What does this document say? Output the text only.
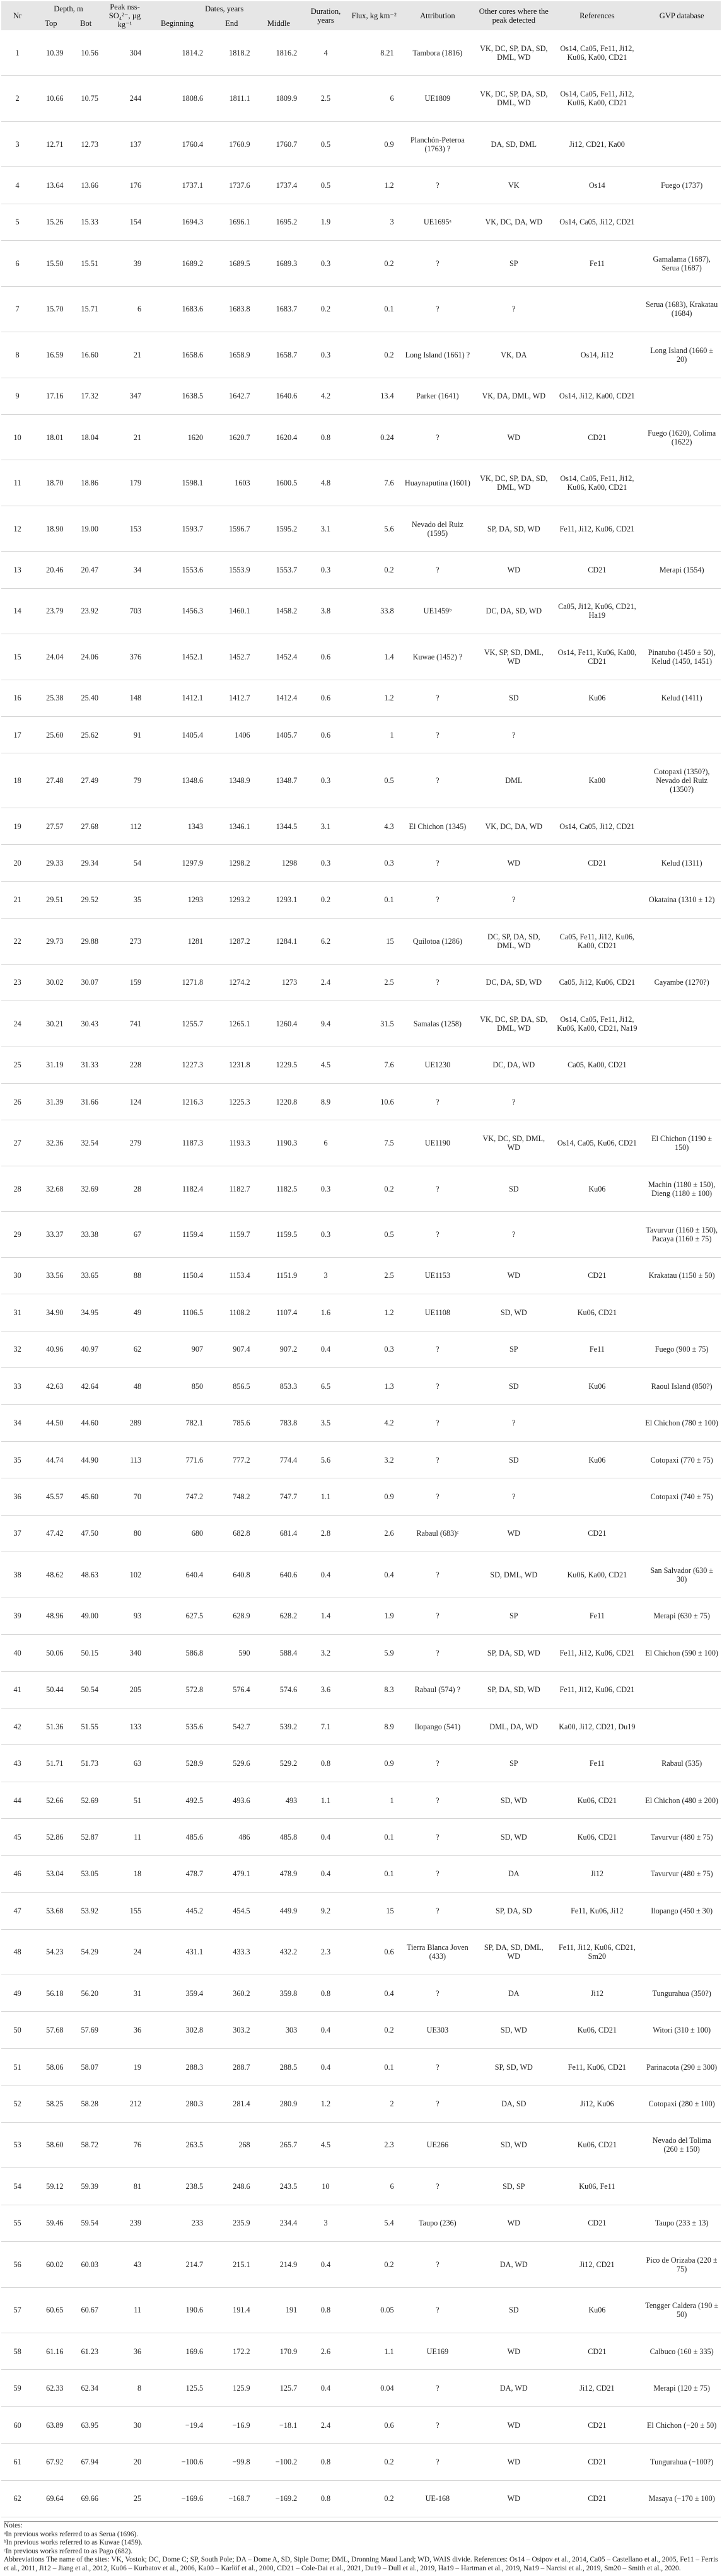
Nr	Depth, m		Peak nss-SO₄²⁻, µg kg⁻¹	Dates, years			Duration, years	Flux, kg km⁻²	Attribution	Other cores where the peak detected	References	GVP database
	Top	Bot		Beginning	End	Middle						
1	10.39	10.56	304	1814.2	1818.2	1816.2	4	8.21	Tambora (1816)	VK, DC, SP, DA, SD, DML, WD	Os14, Ca05, Fe11, Ji12, Ku06, Ka00, CD21	
2	10.66	10.75	244	1808.6	1811.1	1809.9	2.5	6	UE1809	VK, DC, SP, DA, SD, DML, WD	Os14, Ca05, Fe11, Ji12, Ku06, Ka00, CD21	
3	12.71	12.73	137	1760.4	1760.9	1760.7	0.5	0.9	Planchón-Peteroa (1763) ?	DA, SD, DML	Ji12, CD21, Ka00	
4	13.64	13.66	176	1737.1	1737.6	1737.4	0.5	1.2	?	VK	Os14	Fuego (1737)
5	15.26	15.33	154	1694.3	1696.1	1695.2	1.9	3	UE1695ᵃ	VK, DC, DA, WD	Os14, Ca05, Ji12, CD21	
6	15.50	15.51	39	1689.2	1689.5	1689.3	0.3	0.2	?	SP	Fe11	Gamalama (1687), Serua (1687)
7	15.70	15.71	6	1683.6	1683.8	1683.7	0.2	0.1	?	?		Serua (1683), Krakatau (1684)
8	16.59	16.60	21	1658.6	1658.9	1658.7	0.3	0.2	Long Island (1661) ?	VK, DA	Os14, Ji12	Long Island (1660 ± 20)
9	17.16	17.32	347	1638.5	1642.7	1640.6	4.2	13.4	Parker (1641)	VK, DA, DML, WD	Os14, Ji12, Ka00, CD21	
10	18.01	18.04	21	1620	1620.7	1620.4	0.8	0.24	?	WD	CD21	Fuego (1620), Colima (1622)
11	18.70	18.86	179	1598.1	1603	1600.5	4.8	7.6	Huaynaputina (1601)	VK, DC, SP, DA, SD, DML, WD	Os14, Ca05, Fe11, Ji12, Ku06, Ka00, CD21	
12	18.90	19.00	153	1593.7	1596.7	1595.2	3.1	5.6	Nevado del Ruiz (1595)	SP, DA, SD, WD	Fe11, Ji12, Ku06, CD21	
13	20.46	20.47	34	1553.6	1553.9	1553.7	0.3	0.2	?	WD	CD21	Merapi (1554)
14	23.79	23.92	703	1456.3	1460.1	1458.2	3.8	33.8	UE1459ᵇ	DC, DA, SD, WD	Ca05, Ji12, Ku06, CD21, Ha19	
15	24.04	24.06	376	1452.1	1452.7	1452.4	0.6	1.4	Kuwae (1452) ?	VK, SP, SD, DML, WD	Os14, Fe11, Ku06, Ka00, CD21	Pinatubo (1450 ± 50), Kelud (1450, 1451)
16	25.38	25.40	148	1412.1	1412.7	1412.4	0.6	1.2	?	SD	Ku06	Kelud (1411)
17	25.60	25.62	91	1405.4	1406	1405.7	0.6	1	?	?		
18	27.48	27.49	79	1348.6	1348.9	1348.7	0.3	0.5	?	DML	Ka00	Cotopaxi (1350?), Nevado del Ruiz (1350?)
19	27.57	27.68	112	1343	1346.1	1344.5	3.1	4.3	El Chichon (1345)	VK, DC, DA, WD	Os14, Ca05, Ji12, CD21	
20	29.33	29.34	54	1297.9	1298.2	1298	0.3	0.3	?	WD	CD21	Kelud (1311)
21	29.51	29.52	35	1293	1293.2	1293.1	0.2	0.1	?	?		Okataina (1310 ± 12)
22	29.73	29.88	273	1281	1287.2	1284.1	6.2	15	Quilotoa (1286)	DC, SP, DA, SD, DML, WD	Ca05, Fe11, Ji12, Ku06, Ka00, CD21	
23	30.02	30.07	159	1271.8	1274.2	1273	2.4	2.5	?	DC, DA, SD, WD	Ca05, Ji12, Ku06, CD21	Cayambe (1270?)
24	30.21	30.43	741	1255.7	1265.1	1260.4	9.4	31.5	Samalas (1258)	VK, DC, SP, DA, SD, DML, WD	Os14, Ca05, Fe11, Ji12, Ku06, Ka00, CD21, Na19	
25	31.19	31.33	228	1227.3	1231.8	1229.5	4.5	7.6	UE1230	DC, DA, WD	Ca05, Ka00, CD21	
26	31.39	31.66	124	1216.3	1225.3	1220.8	8.9	10.6	?	?		
27	32.36	32.54	279	1187.3	1193.3	1190.3	6	7.5	UE1190	VK, DC, SD, DML, WD	Os14, Ca05, Ku06, CD21	El Chichon (1190 ± 150)
28	32.68	32.69	28	1182.4	1182.7	1182.5	0.3	0.2	?	SD	Ku06	Machin (1180 ± 150), Dieng (1180 ± 100)
29	33.37	33.38	67	1159.4	1159.7	1159.5	0.3	0.5	?	?		Tavurvur (1160 ± 150), Pacaya (1160 ± 75)
30	33.56	33.65	88	1150.4	1153.4	1151.9	3	2.5	UE1153	WD	CD21	Krakatau (1150 ± 50)
31	34.90	34.95	49	1106.5	1108.2	1107.4	1.6	1.2	UE1108	SD, WD	Ku06, CD21	
32	40.96	40.97	62	907	907.4	907.2	0.4	0.3	?	SP	Fe11	Fuego (900 ± 75)
33	42.63	42.64	48	850	856.5	853.3	6.5	1.3	?	SD	Ku06	Raoul Island (850?)
34	44.50	44.60	289	782.1	785.6	783.8	3.5	4.2	?	?		El Chichon (780 ± 100)
35	44.74	44.90	113	771.6	777.2	774.4	5.6	3.2	?	SD	Ku06	Cotopaxi (770 ± 75)
36	45.57	45.60	70	747.2	748.2	747.7	1.1	0.9	?	?		Cotopaxi (740 ± 75)
37	47.42	47.50	80	680	682.8	681.4	2.8	2.6	Rabaul (683)ᶜ	WD	CD21	
38	48.62	48.63	102	640.4	640.8	640.6	0.4	0.4	?	SD, DML, WD	Ku06, Ka00, CD21	San Salvador (630 ± 30)
39	48.96	49.00	93	627.5	628.9	628.2	1.4	1.9	?	SP	Fe11	Merapi (630 ± 75)
40	50.06	50.15	340	586.8	590	588.4	3.2	5.9	?	SP, DA, SD, WD	Fe11, Ji12, Ku06, CD21	El Chichon (590 ± 100)
41	50.44	50.54	205	572.8	576.4	574.6	3.6	8.3	Rabaul (574) ?	SP, DA, SD, WD	Fe11, Ji12, Ku06, CD21	
42	51.36	51.55	133	535.6	542.7	539.2	7.1	8.9	Ilopango (541)	DML, DA, WD	Ka00, Ji12, CD21, Du19	
43	51.71	51.73	63	528.9	529.6	529.2	0.8	0.9	?	SP	Fe11	Rabaul (535)
44	52.66	52.69	51	492.5	493.6	493	1.1	1	?	SD, WD	Ku06, CD21	El Chichon (480 ± 200)
45	52.86	52.87	11	485.6	486	485.8	0.4	0.1	?	SD, WD	Ku06, CD21	Tavurvur (480 ± 75)
46	53.04	53.05	18	478.7	479.1	478.9	0.4	0.1	?	DA	Ji12	Tavurvur (480 ± 75)
47	53.68	53.92	155	445.2	454.5	449.9	9.2	15	?	SP, DA, SD	Fe11, Ku06, Ji12	Ilopango (450 ± 30)
48	54.23	54.29	24	431.1	433.3	432.2	2.3	0.6	Tierra Blanca Joven (433)	SP, DA, SD, DML, WD	Fe11, Ji12, Ku06, CD21, Sm20	
49	56.18	56.20	31	359.4	360.2	359.8	0.8	0.4	?	DA	Ji12	Tungurahua (350?)
50	57.68	57.69	36	302.8	303.2	303	0.4	0.2	UE303	SD, WD	Ku06, CD21	Witori (310 ± 100)
51	58.06	58.07	19	288.3	288.7	288.5	0.4	0.1	?	SP, SD, WD	Fe11, Ku06, CD21	Parinacota (290 ± 300)
52	58.25	58.28	212	280.3	281.4	280.9	1.2	2	?	DA, SD	Ji12, Ku06	Cotopaxi (280 ± 100)
53	58.60	58.72	76	263.5	268	265.7	4.5	2.3	UE266	SD, WD	Ku06, CD21	Nevado del Tolima (260 ± 150)
54	59.12	59.39	81	238.5	248.6	243.5	10	6	?	SD, SP	Ku06, Fe11	
55	59.46	59.54	239	233	235.9	234.4	3	5.4	Taupo (236)	WD	CD21	Taupo (233 ± 13)
56	60.02	60.03	43	214.7	215.1	214.9	0.4	0.2	?	DA, WD	Ji12, CD21	Pico de Orizaba (220 ± 75)
57	60.65	60.67	11	190.6	191.4	191	0.8	0.05	?	SD	Ku06	Tengger Caldera (190 ± 50)
58	61.16	61.23	36	169.6	172.2	170.9	2.6	1.1	UE169	WD	CD21	Calbuco (160 ± 335)
59	62.33	62.34	8	125.5	125.9	125.7	0.4	0.04	?	DA, WD	Ji12, CD21	Merapi (120 ± 75)
60	63.89	63.95	30	−19.4	−16.9	−18.1	2.4	0.6	?	WD	CD21	El Chichon (−20 ± 50)
61	67.92	67.94	20	−100.6	−99.8	−100.2	0.8	0.2	?	WD	CD21	Tungurahua (−100?)
62	69.64	69.66	25	−169.6	−168.7	−169.2	0.8	0.2	UE-168	WD	CD21	Masaya (−170 ± 100)
Notes:
ᵃIn previous works referred to as Serua (1696).
ᵇIn previous works referred to as Kuwae (1459).
ᶜIn previous works referred to as Pago (682).
Abbreviations The name of the sites: VK, Vostok; DC, Dome C; SP, South Pole; DA – Dome A, SD, Siple Dome; DML, Dronning Maud Land; WD, WAIS divide. References: Os14 – Osipov et al., 2014, Ca05 – Castellano et al., 2005, Fe11 – Ferris et al., 2011, Ji12 – Jiang et al., 2012, Ku06 – Kurbatov et al., 2006, Ka00 – Karlöf et al., 2000, CD21 – Cole-Dai et al., 2021, Du19 – Dull et al., 2019, Ha19 – Hartman et al., 2019, Na19 – Narcisi et al., 2019, Sm20 – Smith et al., 2020.
